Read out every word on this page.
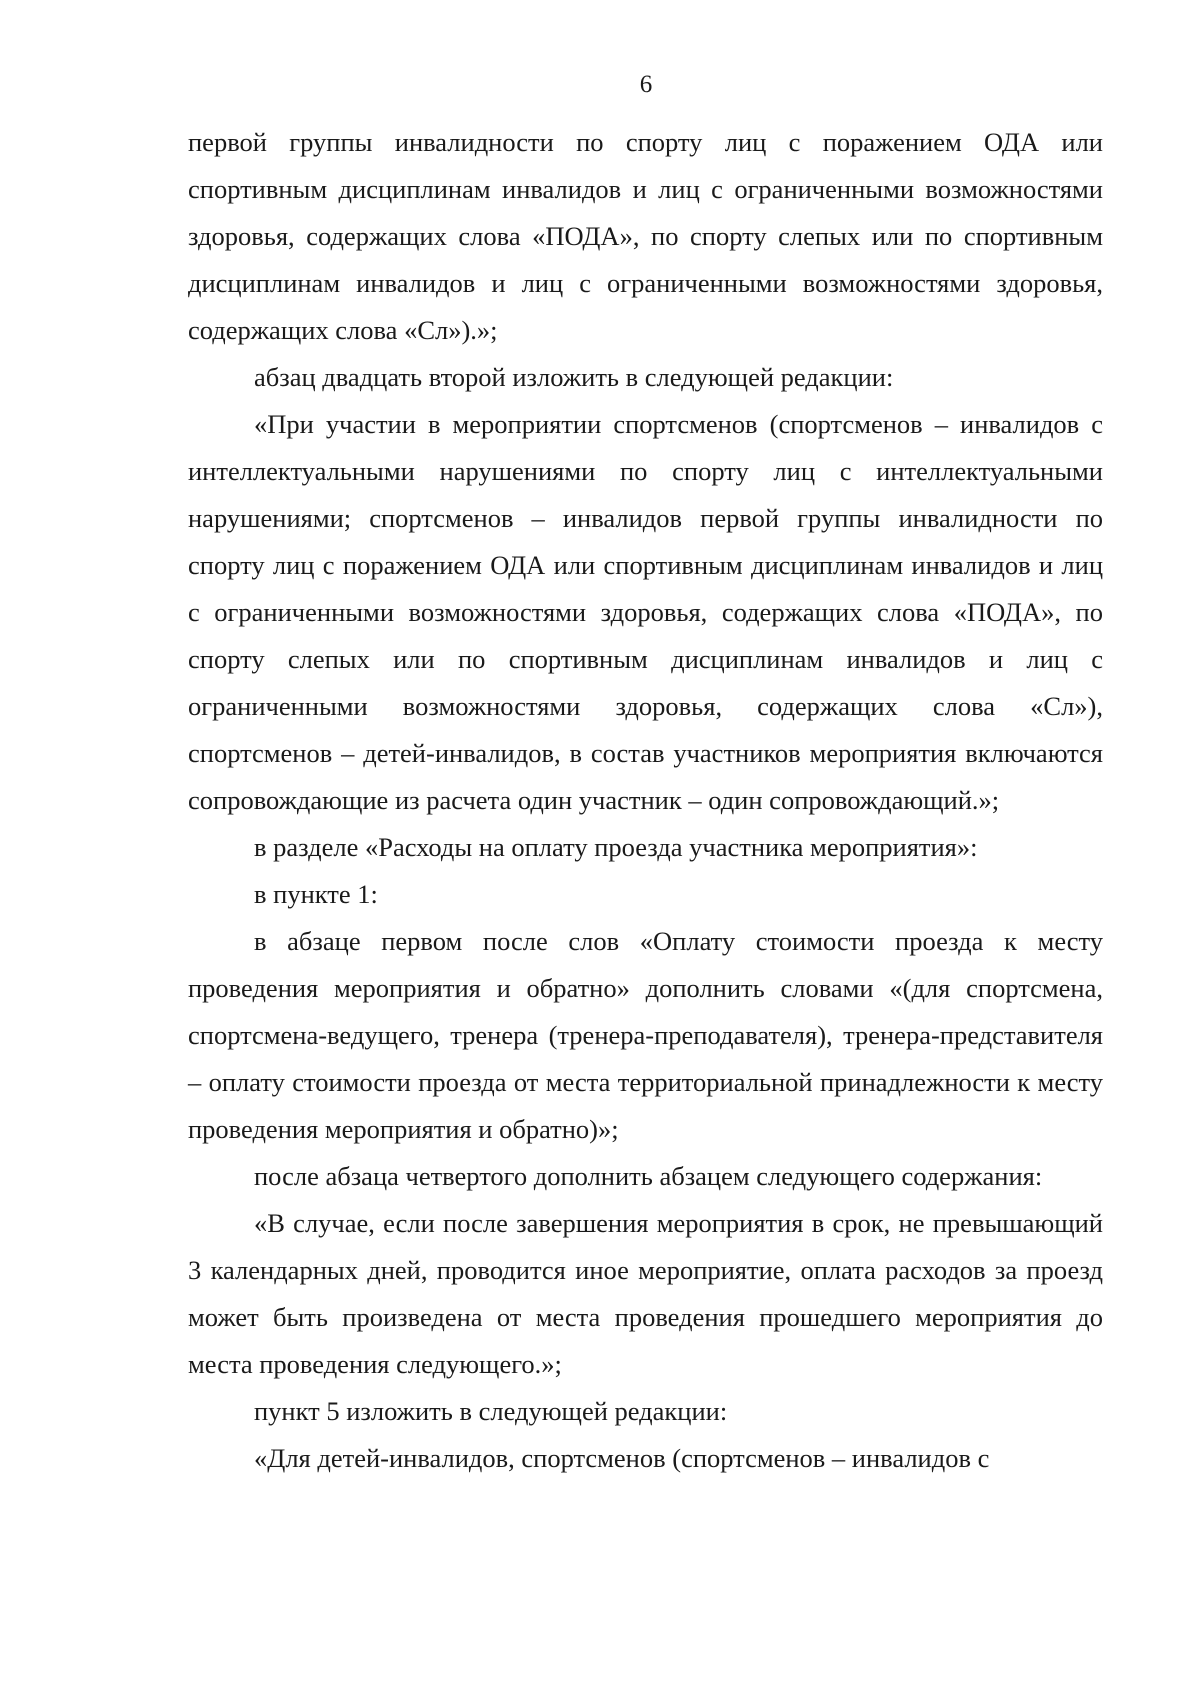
6

первой группы инвалидности по спорту лиц с поражением ОДА или спортивным дисциплинам инвалидов и лиц с ограниченными возможностями здоровья, содержащих слова «ПОДА», по спорту слепых или по спортивным дисциплинам инвалидов и лиц с ограниченными возможностями здоровья, содержащих слова «Сл»).»;

абзац двадцать второй изложить в следующей редакции:

«При участии в мероприятии спортсменов (спортсменов – инвалидов с интеллектуальными нарушениями по спорту лиц с интеллектуальными нарушениями; спортсменов – инвалидов первой группы инвалидности по спорту лиц с поражением ОДА или спортивным дисциплинам инвалидов и лиц с ограниченными возможностями здоровья, содержащих слова «ПОДА», по спорту слепых или по спортивным дисциплинам инвалидов и лиц с ограниченными возможностями здоровья, содержащих слова «Сл»), спортсменов – детей-инвалидов, в состав участников мероприятия включаются сопровождающие из расчета один участник – один сопровождающий.»;

в разделе «Расходы на оплату проезда участника мероприятия»:

в пункте 1:

в абзаце первом после слов «Оплату стоимости проезда к месту проведения мероприятия и обратно» дополнить словами «(для спортсмена, спортсмена-ведущего, тренера (тренера-преподавателя), тренера-представителя – оплату стоимости проезда от места территориальной принадлежности к месту проведения мероприятия и обратно)»;

после абзаца четвертого дополнить абзацем следующего содержания:

«В случае, если после завершения мероприятия в срок, не превышающий 3 календарных дней, проводится иное мероприятие, оплата расходов за проезд может быть произведена от места проведения прошедшего мероприятия до места проведения следующего.»;

пункт 5 изложить в следующей редакции:

«Для детей-инвалидов, спортсменов (спортсменов – инвалидов с
